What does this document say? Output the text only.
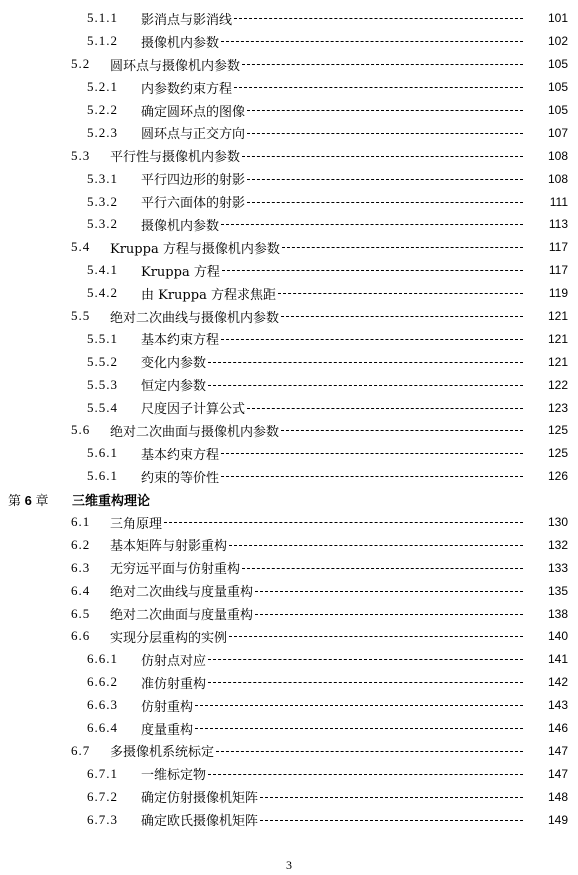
5.1.1 影消点与影消线	101
5.1.2 摄像机内参数	102
5.2 圆环点与摄像机内参数	105
5.2.1 内参数约束方程	105
5.2.2 确定圆环点的图像	105
5.2.3 圆环点与正交方向	107
5.3 平行性与摄像机内参数	108
5.3.1 平行四边形的射影	108
5.3.2 平行六面体的射影	111
5.3.2 摄像机内参数	113
5.4 Kruppa 方程与摄像机内参数	117
5.4.1 Kruppa 方程	117
5.4.2 由 Kruppa 方程求焦距	119
5.5 绝对二次曲线与摄像机内参数	121
5.5.1 基本约束方程	121
5.5.2 变化内参数	121
5.5.3 恒定内参数	122
5.5.4 尺度因子计算公式	123
5.6 绝对二次曲面与摄像机内参数	125
5.6.1 基本约束方程	125
5.6.1 约束的等价性	126
第 6 章 三维重构理论
6.1 三角原理	130
6.2 基本矩阵与射影重构	132
6.3 无穷远平面与仿射重构	133
6.4 绝对二次曲线与度量重构	135
6.5 绝对二次曲面与度量重构	138
6.6 实现分层重构的实例	140
6.6.1 仿射点对应	141
6.6.2 准仿射重构	142
6.6.3 仿射重构	143
6.6.4 度量重构	146
6.7 多摄像机系统标定	147
6.7.1 一维标定物	147
6.7.2 确定仿射摄像机矩阵	148
6.7.3 确定欧氏摄像机矩阵	149
3
